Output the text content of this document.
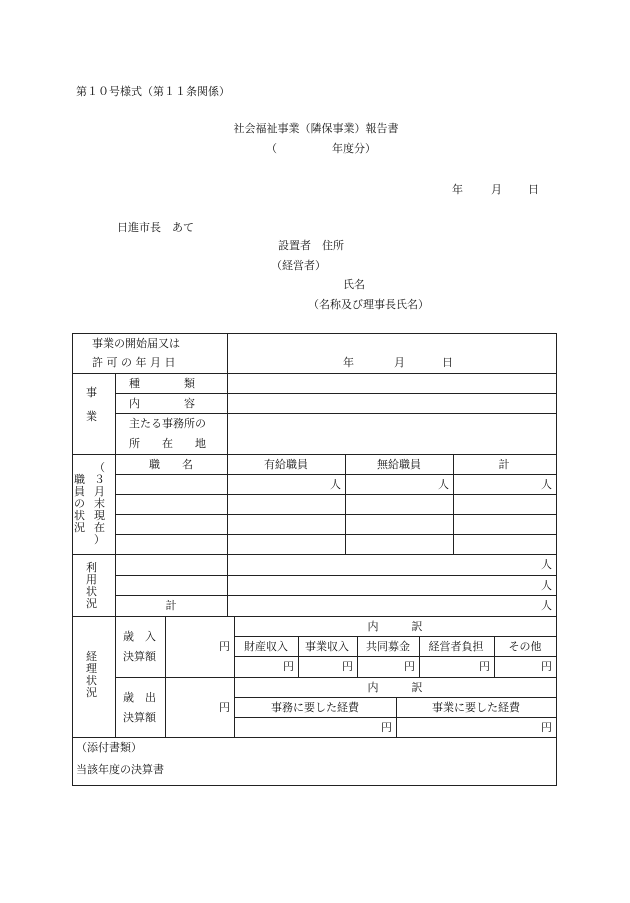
第１０号様式（第１１条関係）
社会福祉事業（隣保事業）報告書
（　　　　　年度分）
年	月 日
日進市長　あて
設置者　住所
（経営者）
氏名
（名称及び理事長氏名）
事業の開始届又は
許 可 の 年 月 日	年	月	日
事

業
種　　　　類
内　　　　容
主たる事務所の
所　　在　　地
職
員
の
状
況
（
３
月
末
現
在
）
職　　名	有給職員	無給職員	計
人	人	人
利
用
状
況
人
人
計	人
経
理
状
況
歳　入
決算額
円
内　　　訳
財産収入 事業収入 共同募金 経営者負担 その他
円	円	円	円	円
歳　出
決算額
円
内　　　訳
事務に要した経費	事業に要した経費
円	円
（添付書類）
当該年度の決算書
